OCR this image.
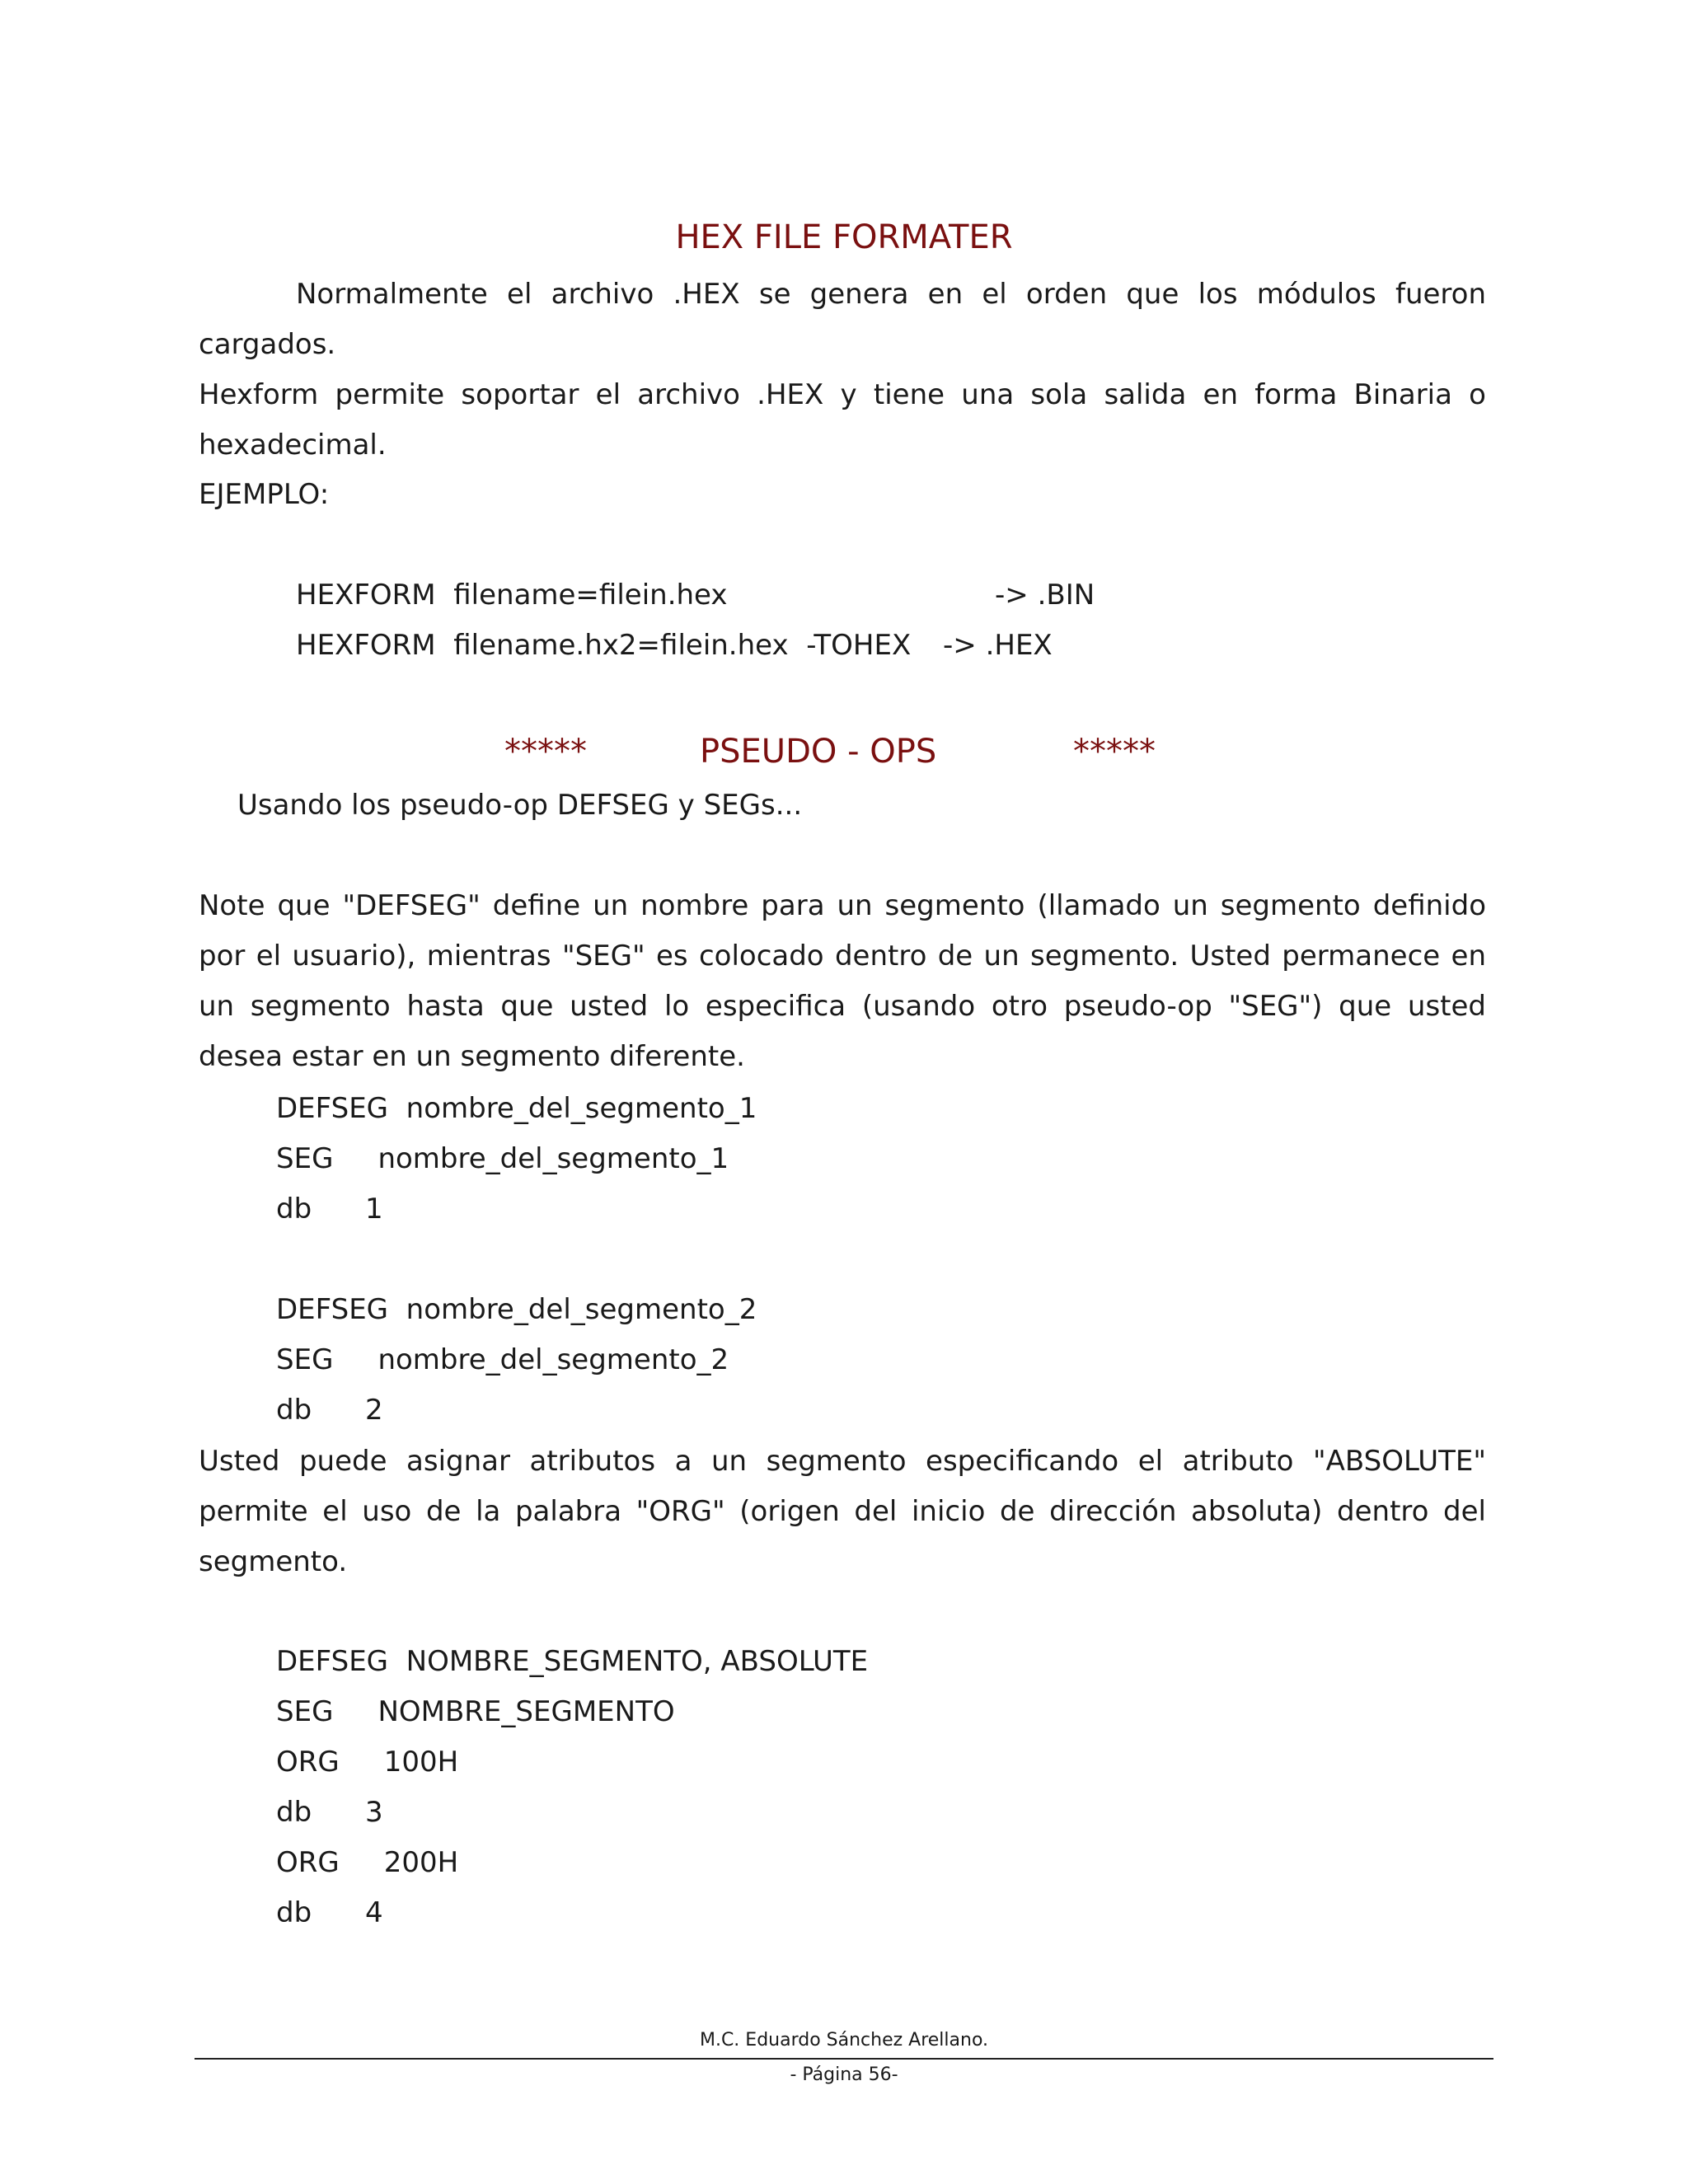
HEX FILE FORMATER
Normalmente el archivo .HEX se genera en el orden que los módulos fueron cargados.
Hexform permite soportar el archivo .HEX y tiene una sola salida en forma Binaria o hexadecimal.
EJEMPLO:
HEXFORM  filename=filein.hex	-> .BIN
HEXFORM  filename.hx2=filein.hex  -TOHEX -> .HEX
*****	PSEUDO - OPS	*****
Usando los pseudo-op DEFSEG y SEGs...
Note que "DEFSEG" define un nombre para un segmento (llamado un segmento definido por el usuario), mientras "SEG" es colocado dentro de un segmento. Usted permanece en un segmento hasta que usted lo especifica (usando otro pseudo-op "SEG") que usted desea estar en un segmento diferente.
DEFSEG  nombre_del_segmento_1
SEG     nombre_del_segmento_1
db      1
DEFSEG  nombre_del_segmento_2
SEG     nombre_del_segmento_2
db      2
Usted puede asignar atributos a un segmento especificando el atributo "ABSOLUTE" permite el uso de la palabra "ORG" (origen del inicio de dirección absoluta) dentro del segmento.
DEFSEG  NOMBRE_SEGMENTO, ABSOLUTE
SEG     NOMBRE_SEGMENTO
ORG     100H
db      3
ORG     200H
db      4
M.C. Eduardo Sánchez Arellano.
- Página 56-
